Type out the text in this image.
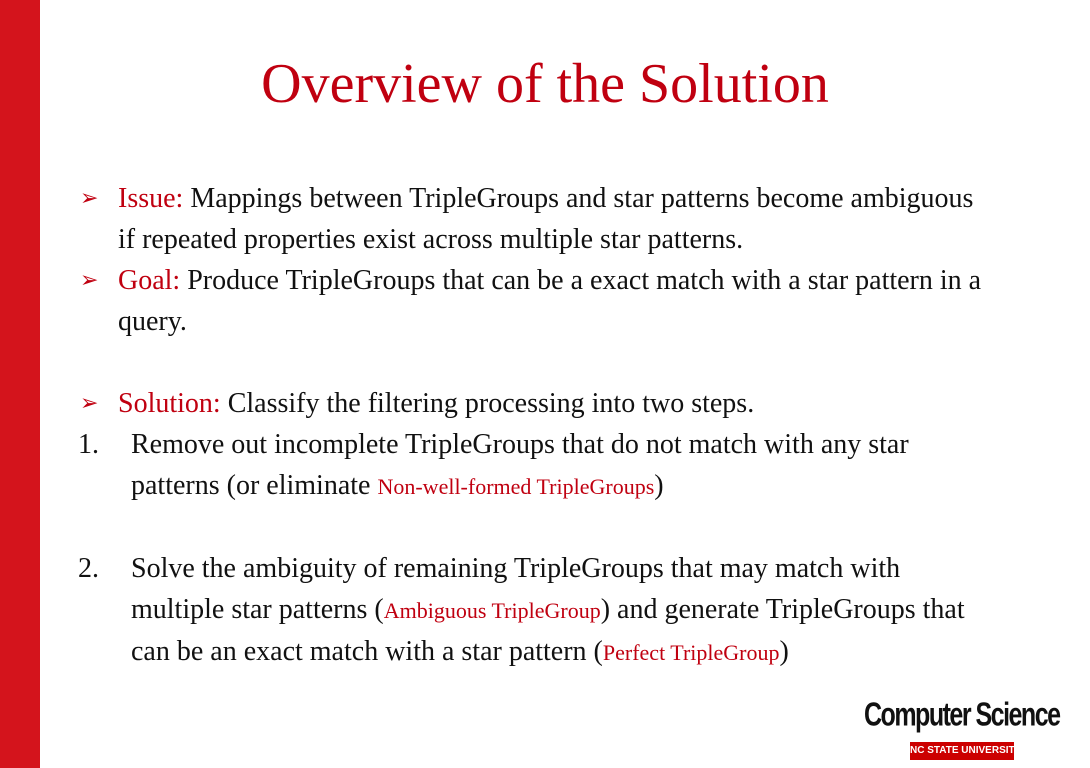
Overview of the Solution
➢ Issue: Mappings between TripleGroups and star patterns become ambiguous if repeated properties exist across multiple star patterns.
➢ Goal: Produce TripleGroups that can be a exact match with a star pattern in a query.
➢ Solution: Classify the filtering processing into two steps.
1. Remove out incomplete TripleGroups that do not match with any star patterns (or eliminate Non-well-formed TripleGroups)
2. Solve the ambiguity of remaining TripleGroups that may match with multiple star patterns (Ambiguous TripleGroup) and generate TripleGroups that can be an exact match with a star pattern (Perfect TripleGroup)
Computer Science
NC STATE UNIVERSITY
